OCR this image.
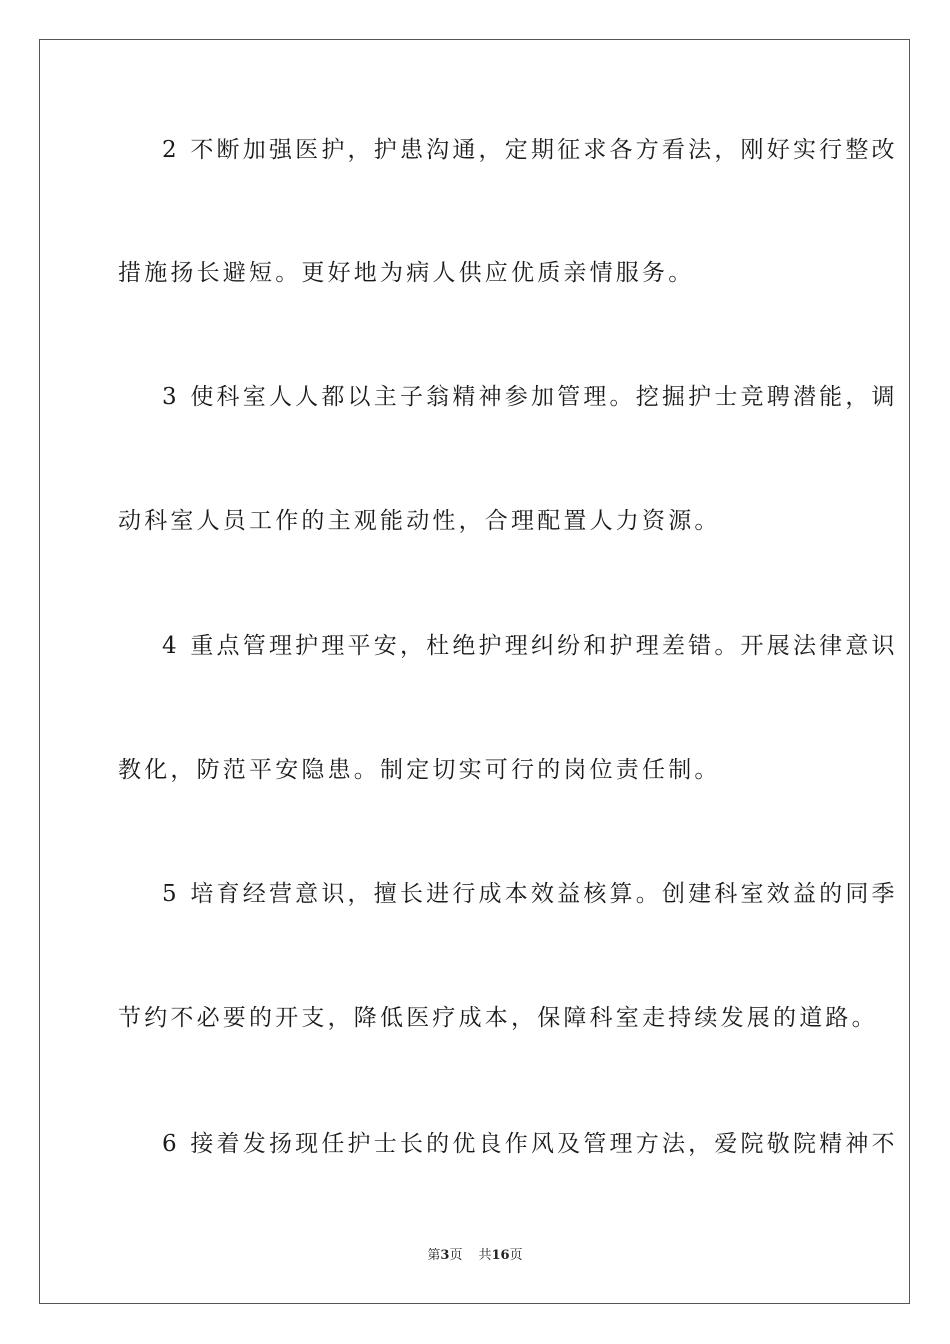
2 不断加强医护，护患沟通，定期征求各方看法，刚好实行整改
措施扬长避短。更好地为病人供应优质亲情服务。
3 使科室人人都以主子翁精神参加管理。挖掘护士竞聘潜能，调
动科室人员工作的主观能动性，合理配置人力资源。
4 重点管理护理平安，杜绝护理纠纷和护理差错。开展法律意识
教化，防范平安隐患。制定切实可行的岗位责任制。
5 培育经营意识，擅长进行成本效益核算。创建科室效益的同季
节约不必要的开支，降低医疗成本，保障科室走持续发展的道路。
6 接着发扬现任护士长的优良作风及管理方法，爱院敬院精神不
第3页 共16页
